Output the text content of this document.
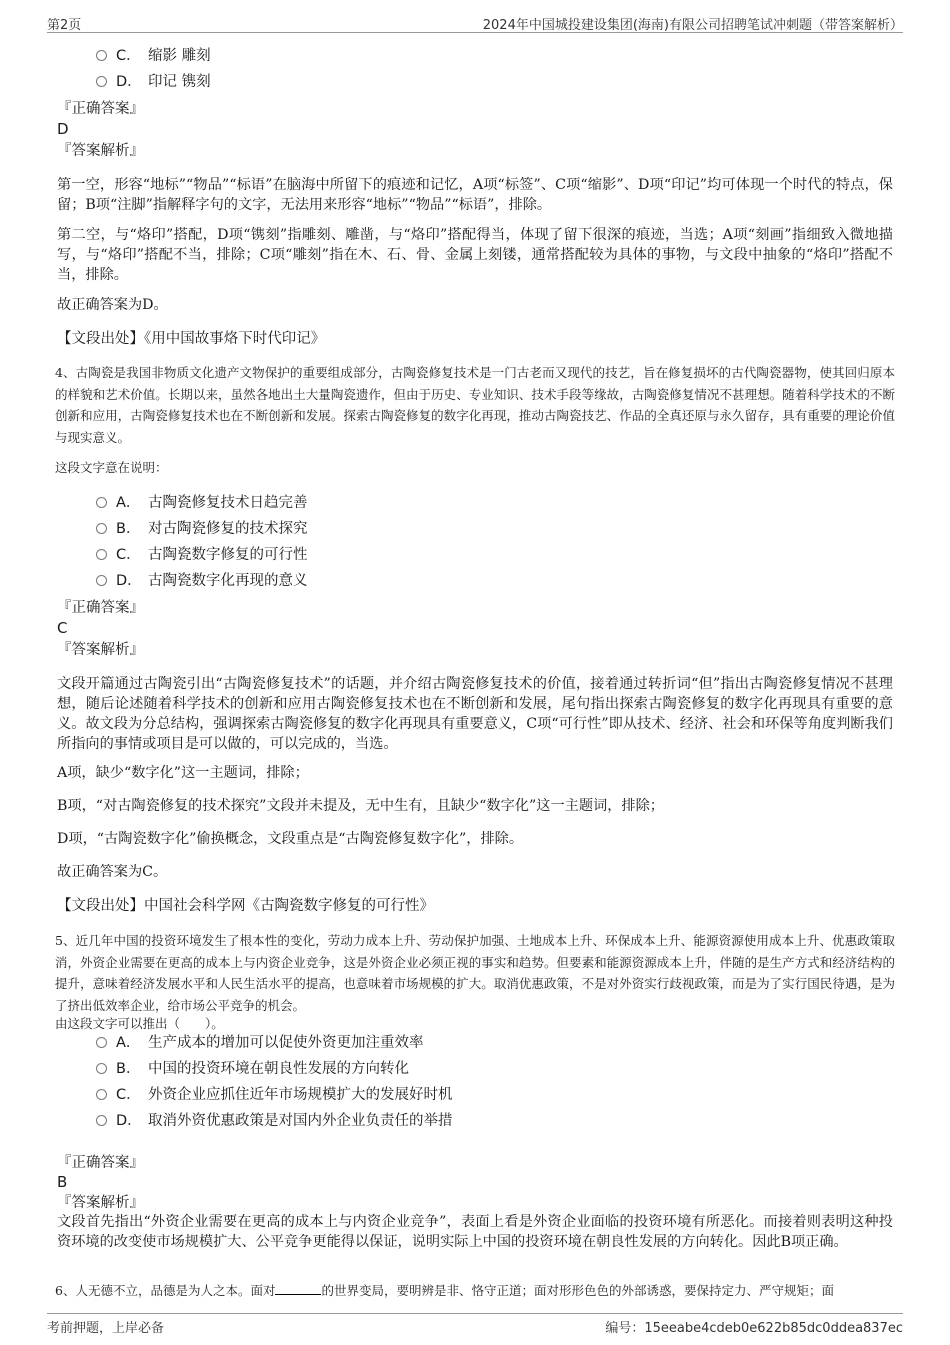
第2页	2024年中国城投建设集团(海南)有限公司招聘笔试冲刺题（带答案解析）
C． 缩影 雕刻
D． 印记 镌刻
『正确答案』
D
『答案解析』
第一空，形容“地标”“物品”“标语”在脑海中所留下的痕迹和记忆，A项“标签”、C项“缩影”、D项“印记”均可体现一个时代的特点，保留；B项“注脚”指解释字句的文字，无法用来形容“地标”“物品”“标语”，排除。
第二空，与“烙印”搭配，D项“镌刻”指雕刻、雕凿，与“烙印”搭配得当，体现了留下很深的痕迹，当选；A项“刻画”指细致入微地描写，与“烙印”搭配不当，排除；C项“雕刻”指在木、石、骨、金属上刻镂，通常搭配较为具体的事物，与文段中抽象的“烙印”搭配不当，排除。
故正确答案为D。
【文段出处】《用中国故事烙下时代印记》
4、古陶瓷是我国非物质文化遗产文物保护的重要组成部分，古陶瓷修复技术是一门古老而又现代的技艺，旨在修复损坏的古代陶瓷器物，使其回归原本的样貌和艺术价值。长期以来，虽然各地出土大量陶瓷遗作，但由于历史、专业知识、技术手段等缘故，古陶瓷修复情况不甚理想。随着科学技术的不断创新和应用，古陶瓷修复技术也在不断创新和发展。探索古陶瓷修复的数字化再现，推动古陶瓷技艺、作品的全真还原与永久留存，具有重要的理论价值与现实意义。
这段文字意在说明：
A． 古陶瓷修复技术日趋完善
B． 对古陶瓷修复的技术探究
C． 古陶瓷数字修复的可行性
D． 古陶瓷数字化再现的意义
『正确答案』
C
『答案解析』
文段开篇通过古陶瓷引出“古陶瓷修复技术”的话题，并介绍古陶瓷修复技术的价值，接着通过转折词“但”指出古陶瓷修复情况不甚理想，随后论述随着科学技术的创新和应用古陶瓷修复技术也在不断创新和发展，尾句指出探索古陶瓷修复的数字化再现具有重要的意义。故文段为分总结构，强调探索古陶瓷修复的数字化再现具有重要意义，C项“可行性”即从技术、经济、社会和环保等角度判断我们所指向的事情或项目是可以做的，可以完成的，当选。
A项，缺少“数字化”这一主题词，排除；
B项，“对古陶瓷修复的技术探究”文段并未提及，无中生有，且缺少“数字化”这一主题词，排除；
D项，“古陶瓷数字化”偷换概念，文段重点是“古陶瓷修复数字化”，排除。
故正确答案为C。
【文段出处】中国社会科学网《古陶瓷数字修复的可行性》
5、近几年中国的投资环境发生了根本性的变化，劳动力成本上升、劳动保护加强、土地成本上升、环保成本上升、能源资源使用成本上升、优惠政策取消，外资企业需要在更高的成本上与内资企业竞争，这是外资企业必须正视的事实和趋势。但要素和能源资源成本上升，伴随的是生产方式和经济结构的提升，意味着经济发展水平和人民生活水平的提高，也意味着市场规模的扩大。取消优惠政策，不是对外资实行歧视政策，而是为了实行国民待遇，是为了挤出低效率企业，给市场公平竞争的机会。
由这段文字可以推出（　　）。
A． 生产成本的增加可以促使外资更加注重效率
B． 中国的投资环境在朝良性发展的方向转化
C． 外资企业应抓住近年市场规模扩大的发展好时机
D． 取消外资优惠政策是对国内外企业负责任的举措
『正确答案』
B
『答案解析』
文段首先指出“外资企业需要在更高的成本上与内资企业竞争”，表面上看是外资企业面临的投资环境有所恶化。而接着则表明这种投资环境的改变使市场规模扩大、公平竞争更能得以保证，说明实际上中国的投资环境在朝良性发展的方向转化。因此B项正确。
6、人无德不立，品德是为人之本。面对	的世界变局，要明辨是非、恪守正道；面对形形色色的外部诱惑，要保持定力、严守规矩；面
考前押题，上岸必备	编号：15eeabe4cdeb0e622b85dc0ddea837ec
